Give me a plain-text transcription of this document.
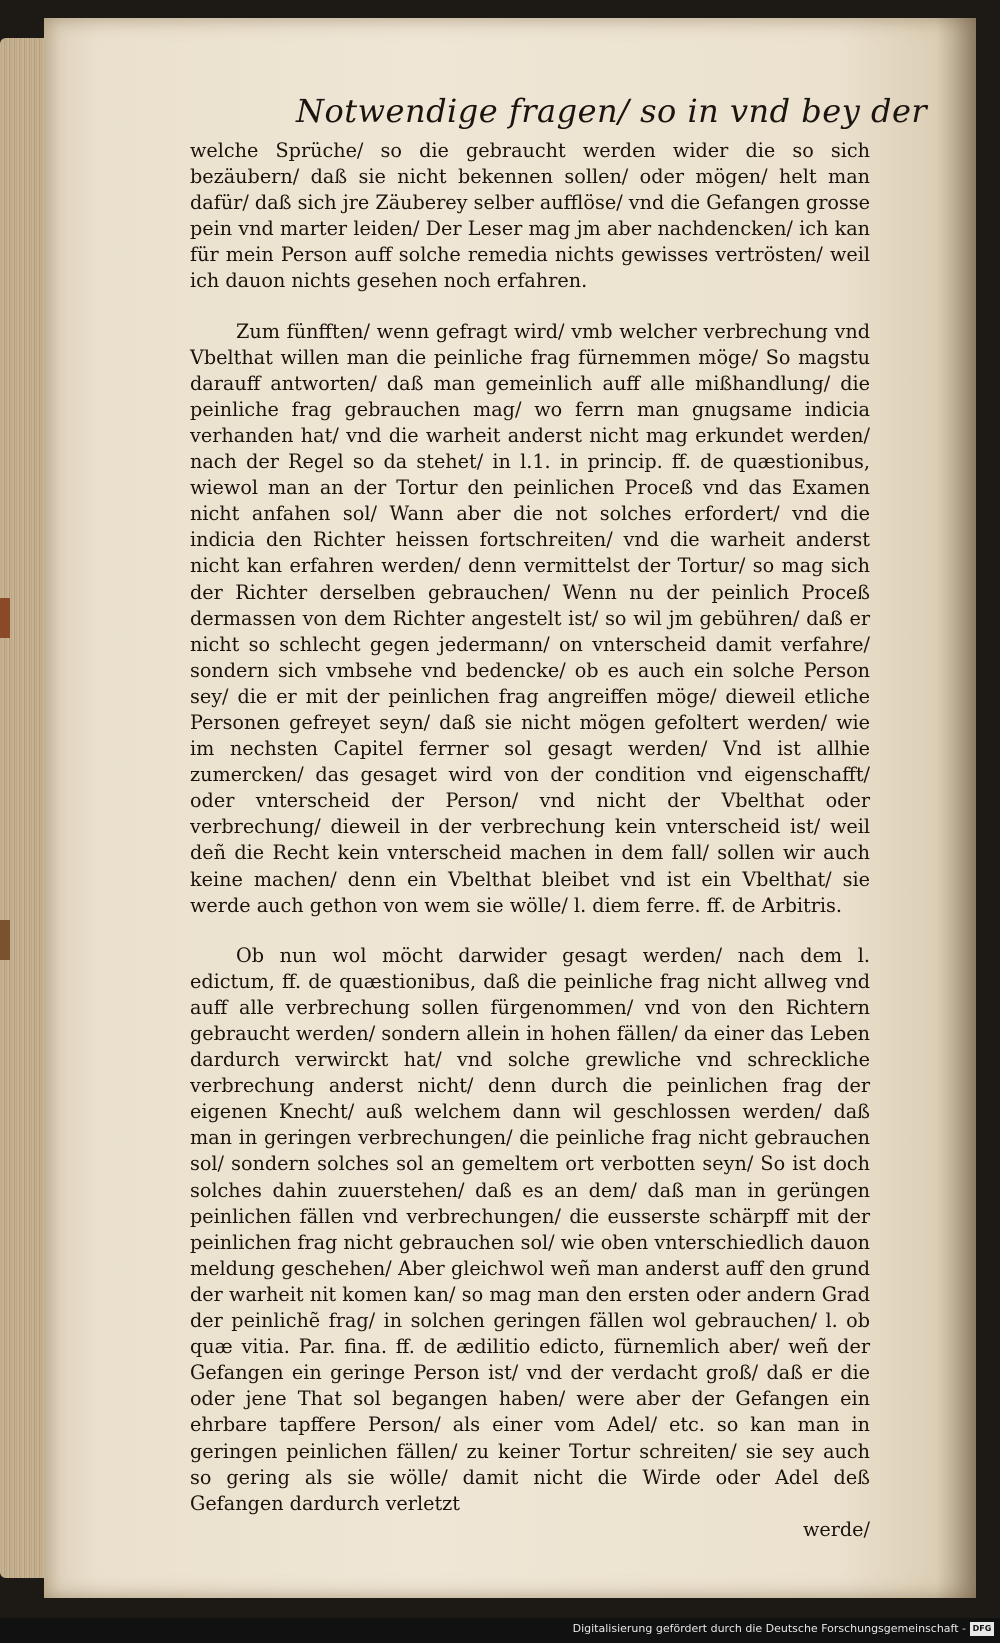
Notwendige fragen/ so in vnd bey der

welche Sprüche/ so die gebraucht werden wider die so sich bezäubern/ daß sie nicht bekennen sollen/ oder mögen/ helt man dafür/ daß sich jre Zäuberey selber aufflöse/ vnd die Gefangen grosse pein vnd marter leiden/ Der Leser mag jm aber nachdencken/ ich kan für mein Person auff solche remedia nichts gewisses vertrösten/ weil ich dauon nichts gesehen noch erfahren.

Zum fünfften/ wenn gefragt wird/ vmb welcher verbrechung vnd Vbelthat willen man die peinliche frag fürnemmen möge/ So magstu darauff antworten/ daß man gemeinlich auff alle mißhandlung/ die peinliche frag gebrauchen mag/ wo ferrn man gnugsame indicia verhanden hat/ vnd die warheit anderst nicht mag erkundet werden/ nach der Regel so da stehet/ in l.1. in princip. ff. de quæstionibus, wiewol man an der Tortur den peinlichen Proceß vnd das Examen nicht anfahen sol/ Wann aber die not solches erfordert/ vnd die indicia den Richter heissen fortschreiten/ vnd die warheit anderst nicht kan erfahren werden/ denn vermittelst der Tortur/ so mag sich der Richter derselben gebrauchen/ Wenn nu der peinlich Proceß dermassen von dem Richter angestelt ist/ so wil jm gebühren/ daß er nicht so schlecht gegen jedermann/ on vnterscheid damit verfahre/ sondern sich vmbsehe vnd bedencke/ ob es auch ein solche Person sey/ die er mit der peinlichen frag angreiffen möge/ dieweil etliche Personen gefreyet seyn/ daß sie nicht mögen gefoltert werden/ wie im nechsten Capitel ferrner sol gesagt werden/ Vnd ist allhie zumercken/ das gesaget wird von der condition vnd eigenschafft/ oder vnterscheid der Person/ vnd nicht der Vbelthat oder verbrechung/ dieweil in der verbrechung kein vnterscheid ist/ weil deñ die Recht kein vnterscheid machen in dem fall/ sollen wir auch keine machen/ denn ein Vbelthat bleibet vnd ist ein Vbelthat/ sie werde auch gethon von wem sie wölle/ l. diem ferre. ff. de Arbitris.

Ob nun wol möcht darwider gesagt werden/ nach dem l. edictum, ff. de quæstionibus, daß die peinliche frag nicht allweg vnd auff alle verbrechung sollen fürgenommen/ vnd von den Richtern gebraucht werden/ sondern allein in hohen fällen/ da einer das Leben dardurch verwirckt hat/ vnd solche grewliche vnd schreckliche verbrechung anderst nicht/ denn durch die peinlichen frag der eigenen Knecht/ auß welchem dann wil geschlossen werden/ daß man in geringen verbrechungen/ die peinliche frag nicht gebrauchen sol/ sondern solches sol an gemeltem ort verbotten seyn/ So ist doch solches dahin zuuerstehen/ daß es an dem/ daß man in gerüngen peinlichen fällen vnd verbrechungen/ die eusserste schärpff mit der peinlichen frag nicht gebrauchen sol/ wie oben vnterschiedlich dauon meldung geschehen/ Aber gleichwol weñ man anderst auff den grund der warheit nit komen kan/ so mag man den ersten oder andern Grad der peinlichẽ frag/ in solchen geringen fällen wol gebrauchen/ l. ob quæ vitia. Par. fina. ff. de ædilitio edicto, fürnemlich aber/ weñ der Gefangen ein geringe Person ist/ vnd der verdacht groß/ daß er die oder jene That sol begangen haben/ were aber der Gefangen ein ehrbare tapffere Person/ als einer vom Adel/ etc. so kan man in geringen peinlichen fällen/ zu keiner Tortur schreiten/ sie sey auch so gering als sie wölle/ damit nicht die Wirde oder Adel deß Gefangen dardurch verletzt

werde/

Digitalisierung gefördert durch die Deutsche Forschungsgemeinschaft - DFG
